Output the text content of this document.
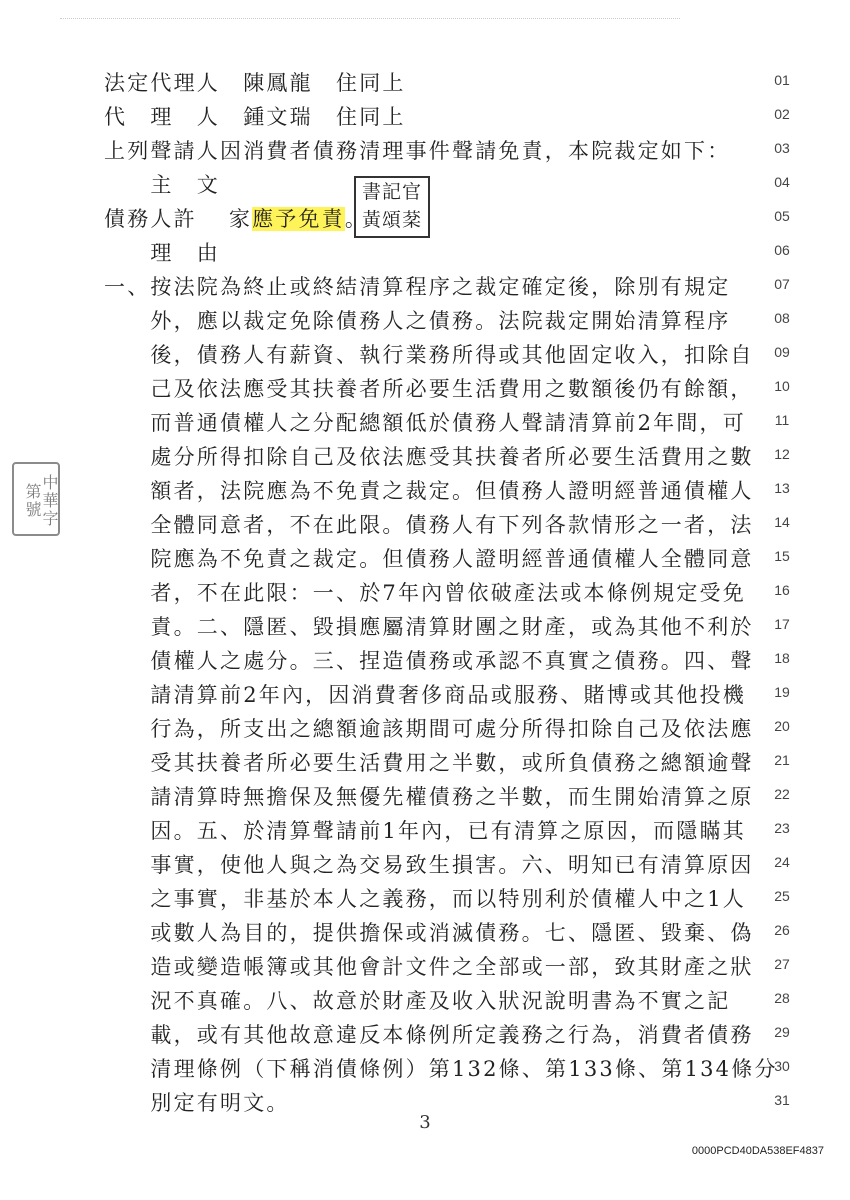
法定代理人　陳鳳龍　住同上	01
代　理　人　鍾文瑞　住同上	02
上列聲請人因消費者債務清理事件聲請免責，本院裁定如下：	03
　　主　文	04
債務人許　 家應予免責。	05
　　理　由	06
一、按法院為終止或終結清算程序之裁定確定後，除別有規定	07
　　外，應以裁定免除債務人之債務。法院裁定開始清算程序	08
　　後，債務人有薪資、執行業務所得或其他固定收入，扣除自	09
　　己及依法應受其扶養者所必要生活費用之數額後仍有餘額，	10
　　而普通債權人之分配總額低於債務人聲請清算前2年間，可	11
　　處分所得扣除自己及依法應受其扶養者所必要生活費用之數	12
　　額者，法院應為不免責之裁定。但債務人證明經普通債權人	13
　　全體同意者，不在此限。債務人有下列各款情形之一者，法	14
　　院應為不免責之裁定。但債務人證明經普通債權人全體同意	15
　　者，不在此限：一、於7年內曾依破產法或本條例規定受免	16
　　責。二、隱匿、毀損應屬清算財團之財產，或為其他不利於	17
　　債權人之處分。三、捏造債務或承認不真實之債務。四、聲	18
　　請清算前2年內，因消費奢侈商品或服務、賭博或其他投機	19
　　行為，所支出之總額逾該期間可處分所得扣除自己及依法應	20
　　受其扶養者所必要生活費用之半數，或所負債務之總額逾聲	21
　　請清算時無擔保及無優先權債務之半數，而生開始清算之原	22
　　因。五、於清算聲請前1年內，已有清算之原因，而隱瞞其	23
　　事實，使他人與之為交易致生損害。六、明知已有清算原因	24
　　之事實，非基於本人之義務，而以特別利於債權人中之1人	25
　　或數人為目的，提供擔保或消滅債務。七、隱匿、毀棄、偽	26
　　造或變造帳簿或其他會計文件之全部或一部，致其財產之狀	27
　　況不真確。八、故意於財產及收入狀況說明書為不實之記	28
　　載，或有其他故意違反本條例所定義務之行為，消費者債務	29
　　清理條例（下稱消債條例）第132條、第133條、第134條分
30
　　別定有明文。	31
書記官
黃頌棻
中華字第號
3
0000PCD40DA538EF4837
